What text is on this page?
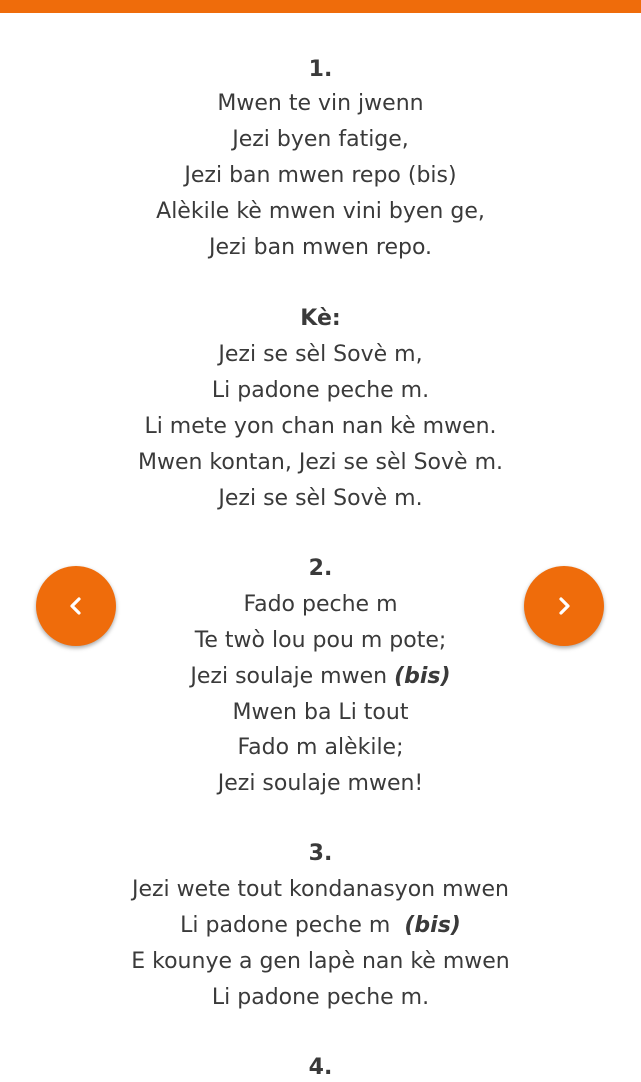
1.
Mwen te vin jwenn
Jezi byen fatige,
Jezi ban mwen repo (bis)
Alèkile kè mwen vini byen ge,
Jezi ban mwen repo.
Kè:
Jezi se sèl Sovè m,
Li padone peche m.
Li mete yon chan nan kè mwen.
Mwen kontan, Jezi se sèl Sovè m.
Jezi se sèl Sovè m.
2.
Fado peche m
Te twò lou pou m pote;
Jezi soulaje mwen (bis)
Mwen ba Li tout
Fado m alèkile;
Jezi soulaje mwen!
3.
Jezi wete tout kondanasyon mwen
Li padone peche m  (bis)
E kounye a gen lapè nan kè mwen
Li padone peche m.
4.
